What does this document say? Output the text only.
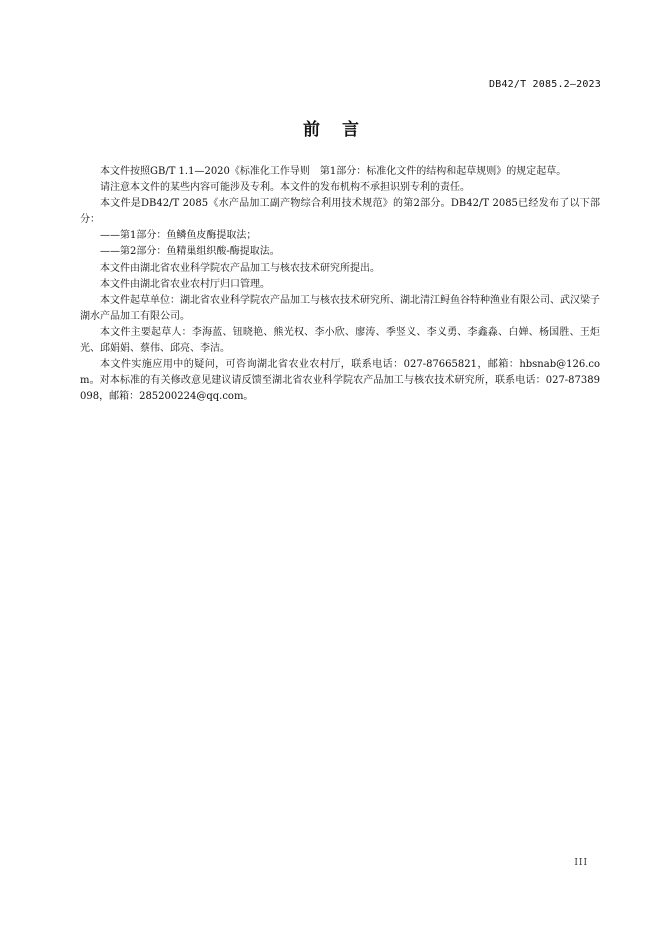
DB42/T 2085.2—2023
前言

本文件按照GB/T 1.1—2020《标准化工作导则　第1部分：标准化文件的结构和起草规则》的规定起草。

请注意本文件的某些内容可能涉及专利。本文件的发布机构不承担识别专利的责任。

本文件是DB42/T 2085《水产品加工副产物综合利用技术规范》的第2部分。DB42/T 2085已经发布了以下部分：

——第1部分：鱼鳞鱼皮酶提取法；

——第2部分：鱼精巢组织酸-酶提取法。

本文件由湖北省农业科学院农产品加工与核农技术研究所提出。

本文件由湖北省农业农村厅归口管理。

本文件起草单位：湖北省农业科学院农产品加工与核农技术研究所、湖北清江鲟鱼谷特种渔业有限公司、武汉梁子湖水产品加工有限公司。

本文件主要起草人：李海蓝、钮晓艳、熊光权、李小欣、廖涛、季竖义、李义勇、李鑫淼、白婵、杨国胜、王炬光、邱娟娟、蔡伟、邱亮、李洁。

本文件实施应用中的疑问，可咨询湖北省农业农村厅，联系电话：027-87665821，邮箱：hbsnab@126.com。对本标准的有关修改意见建议请反馈至湖北省农业科学院农产品加工与核农技术研究所，联系电话：027-87389098，邮箱：285200224@qq.com。

III
